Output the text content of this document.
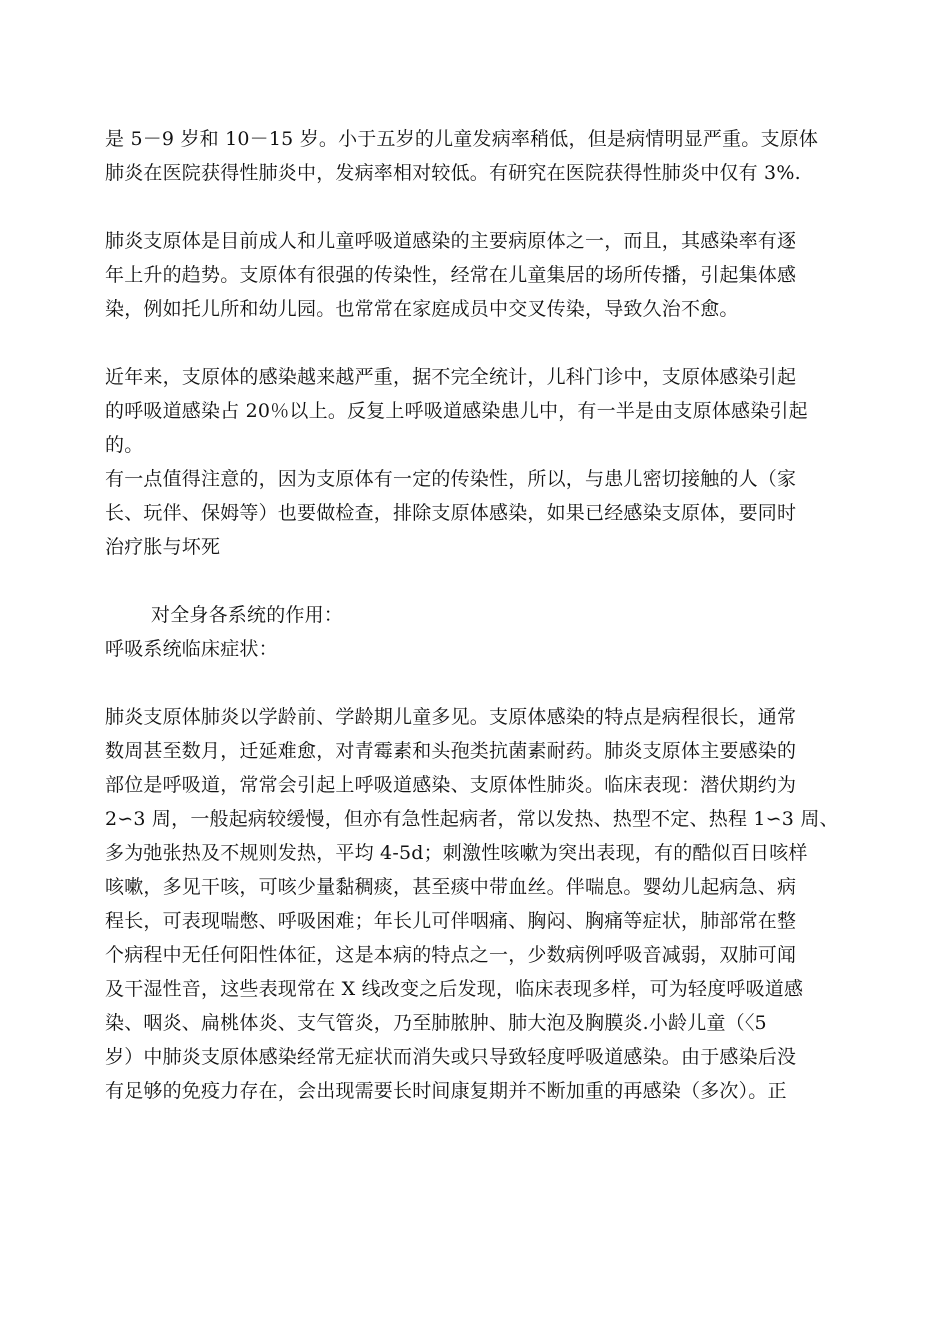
是 5－9 岁和 10－15 岁。小于五岁的儿童发病率稍低，但是病情明显严重。支原体
肺炎在医院获得性肺炎中，发病率相对较低。有研究在医院获得性肺炎中仅有 3%.
肺炎支原体是目前成人和儿童呼吸道感染的主要病原体之一，而且，其感染率有逐
年上升的趋势。支原体有很强的传染性，经常在儿童集居的场所传播，引起集体感
染，例如托儿所和幼儿园。也常常在家庭成员中交叉传染，导致久治不愈。
近年来，支原体的感染越来越严重，据不完全统计，儿科门诊中，支原体感染引起
的呼吸道感染占 20％以上。反复上呼吸道感染患儿中，有一半是由支原体感染引起
的。
有一点值得注意的，因为支原体有一定的传染性，所以，与患儿密切接触的人（家
长、玩伴、保姆等）也要做检查，排除支原体感染，如果已经感染支原体，要同时
治疗胀与坏死
对全身各系统的作用：
呼吸系统临床症状：
肺炎支原体肺炎以学龄前、学龄期儿童多见。支原体感染的特点是病程很长，通常
数周甚至数月，迁延难愈，对青霉素和头孢类抗菌素耐药。肺炎支原体主要感染的
部位是呼吸道，常常会引起上呼吸道感染、支原体性肺炎。临床表现：潜伏期约为
2∽3 周，一般起病较缓慢，但亦有急性起病者，常以发热、热型不定、热程 1∽3 周、
多为弛张热及不规则发热，平均 4-5d；刺激性咳嗽为突出表现，有的酷似百日咳样
咳嗽，多见干咳，可咳少量黏稠痰，甚至痰中带血丝。伴喘息。婴幼儿起病急、病
程长，可表现喘憋、呼吸困难；年长儿可伴咽痛、胸闷、胸痛等症状，肺部常在整
个病程中无任何阳性体征，这是本病的特点之一，少数病例呼吸音减弱，双肺可闻
及干湿性音，这些表现常在 X 线改变之后发现，临床表现多样，可为轻度呼吸道感
染、咽炎、扁桃体炎、支气管炎，乃至肺脓肿、肺大泡及胸膜炎.小龄儿童（〈5
岁）中肺炎支原体感染经常无症状而消失或只导致轻度呼吸道感染。由于感染后没
有足够的免疫力存在，会出现需要长时间康复期并不断加重的再感染（多次）。正
